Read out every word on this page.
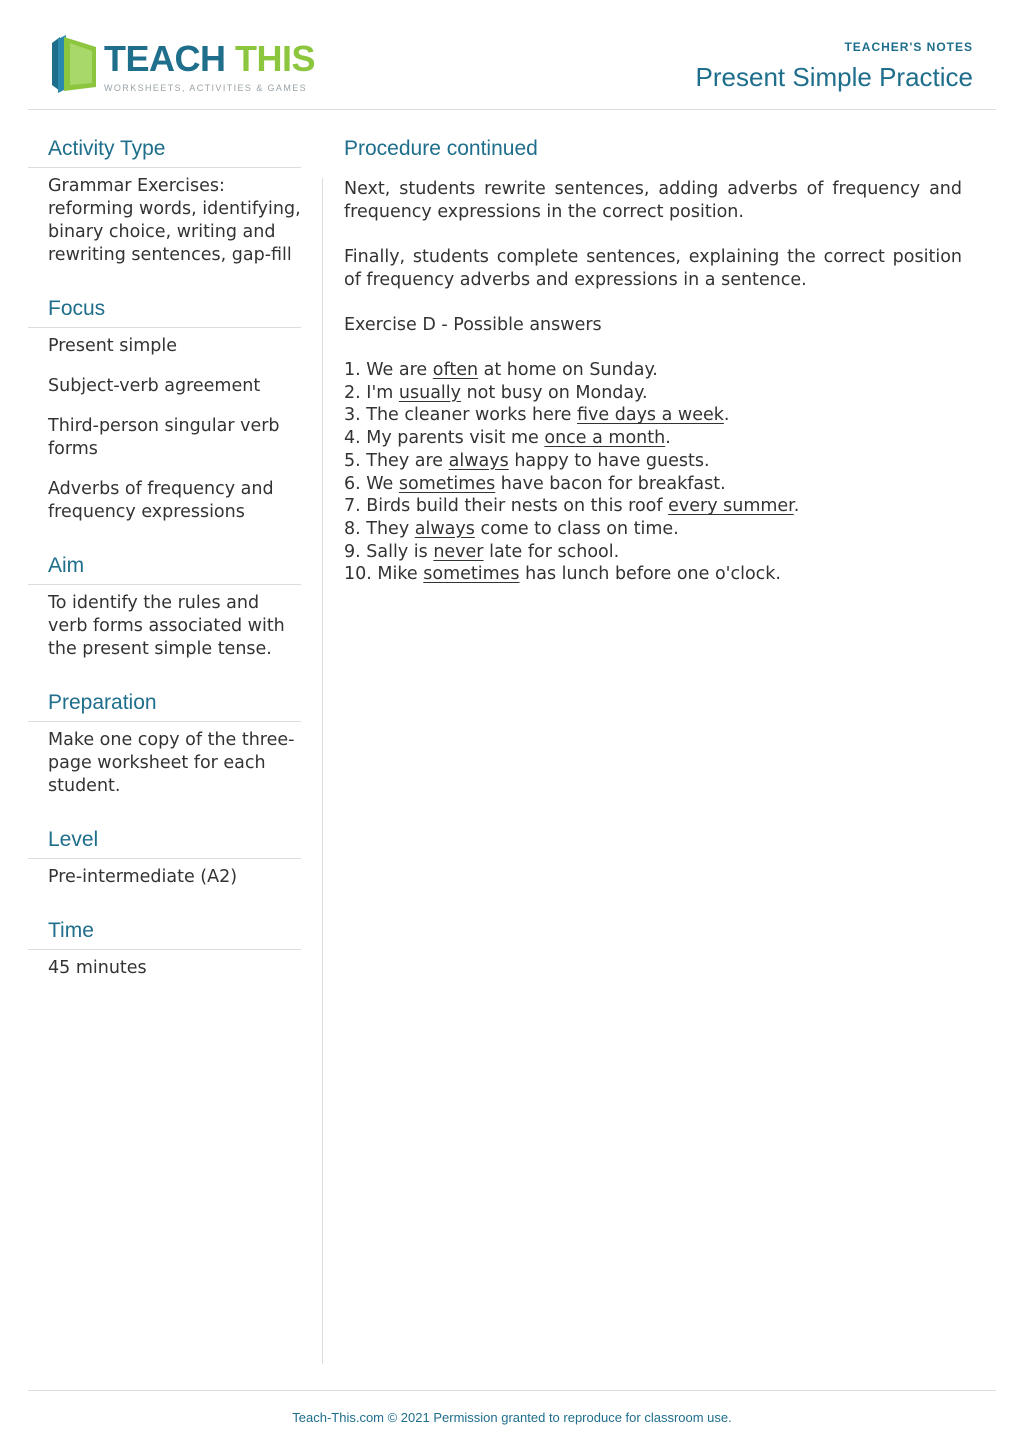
TEACH THIS
WORKSHEETS, ACTIVITIES & GAMES
TEACHER'S NOTES
Present Simple Practice
Activity Type

Grammar Exercises: reforming words, identifying, binary choice, writing and rewriting sentences, gap-fill

Focus

Present simple

Subject-verb agreement

Third-person singular verb forms

Adverbs of frequency and frequency expressions

Aim

To identify the rules and verb forms associated with the present simple tense.

Preparation

Make one copy of the three-page worksheet for each student.

Level

Pre-intermediate (A2)

Time

45 minutes

Procedure continued

Next, students rewrite sentences, adding adverbs of frequency and frequency expressions in the correct position.

Finally, students complete sentences, explaining the correct position of frequency adverbs and expressions in a sentence.

Exercise D - Possible answers

1. We are often at home on Sunday.
2. I'm usually not busy on Monday.
3. The cleaner works here five days a week.
4. My parents visit me once a month.
5. They are always happy to have guests.
6. We sometimes have bacon for breakfast.
7. Birds build their nests on this roof every summer.
8. They always come to class on time.
9. Sally is never late for school.
10. Mike sometimes has lunch before one o'clock.
Teach-This.com © 2021 Permission granted to reproduce for classroom use.
